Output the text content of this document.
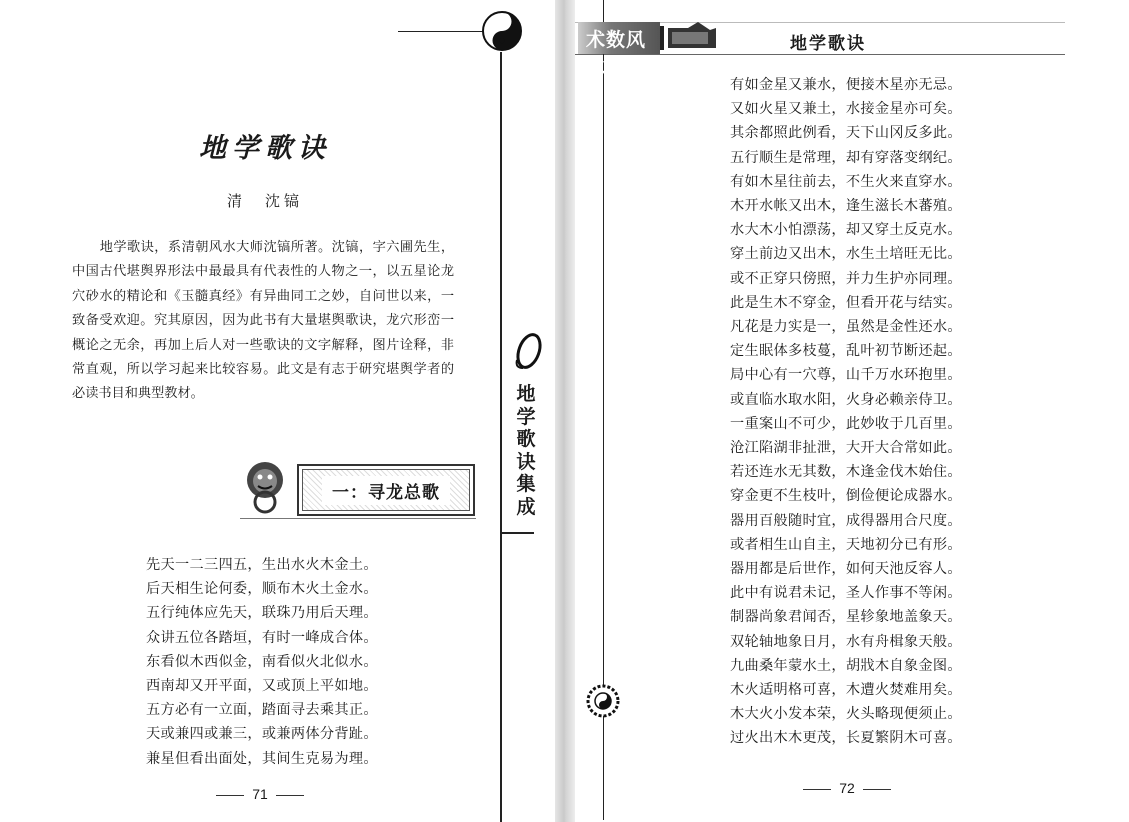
地学歌诀
清　沈镐
地学歌诀，系清朝风水大师沈镐所著。沈镐，字六圃先生，中国古代堪舆界形法中最最具有代表性的人物之一，以五星论龙穴砂水的精论和《玉髓真经》有异曲同工之妙，自问世以来，一致备受欢迎。究其原因，因为此书有大量堪舆歌诀，龙穴形峦一概论之无余，再加上后人对一些歌诀的文字解释，图片诠释，非常直观，所以学习起来比较容易。此文是有志于研究堪舆学者的必读书目和典型教材。
一：寻龙总歌
先天一二三四五，生出水火木金土。
后天相生论何委，顺布木火土金水。
五行纯体应先天，联珠乃用后天理。
众讲五位各踏垣，有时一峰成合体。
东看似木西似金，南看似火北似水。
西南却又开平面，又或顶上平如地。
五方必有一立面，踏面寻去乘其正。
天或兼四或兼三，或兼两体分背趾。
兼星但看出面处，其间生克易为理。
地
学
歌
诀
集
成
71
术数风水
地学歌诀
有如金星又兼水，便接木星亦无忌。
又如火星又兼土，水接金星亦可矣。
其余都照此例看，天下山冈反多此。
五行顺生是常理，却有穿落变纲纪。
有如木星往前去，不生火来直穿水。
木开水帐又出木，逢生滋长木蕃殖。
水大木小怕漂荡，却又穿土反克水。
穿土前边又出木，水生土培旺无比。
或不正穿只傍照，并力生护亦同理。
此是生木不穿金，但看开花与结实。
凡花是力实是一，虽然是金性还水。
定生眠体多枝蔓，乱叶初节断还起。
局中心有一穴尊，山千万水环抱里。
或直临水取水阳，火身必赖亲侍卫。
一重案山不可少，此妙收于几百里。
沧江陷湖非扯泄，大开大合常如此。
若还连水无其数，木逢金伐木始住。
穿金更不生枝叶，倒俭便论成器水。
器用百般随时宜，成得器用合尺度。
或者相生山自主，天地初分已有形。
器用都是后世作，如何天池反容人。
此中有说君未记，圣人作事不等闲。
制器尚象君闻否，星轸象地盖象天。
双轮轴地象日月，水有舟楫象天般。
九曲桑年蒙水土，胡戕木自象金图。
木火适明格可喜，木遭火焚难用矣。
木大火小发本荣，火头略现便须止。
过火出木木更茂，长夏繁阴木可喜。
72
